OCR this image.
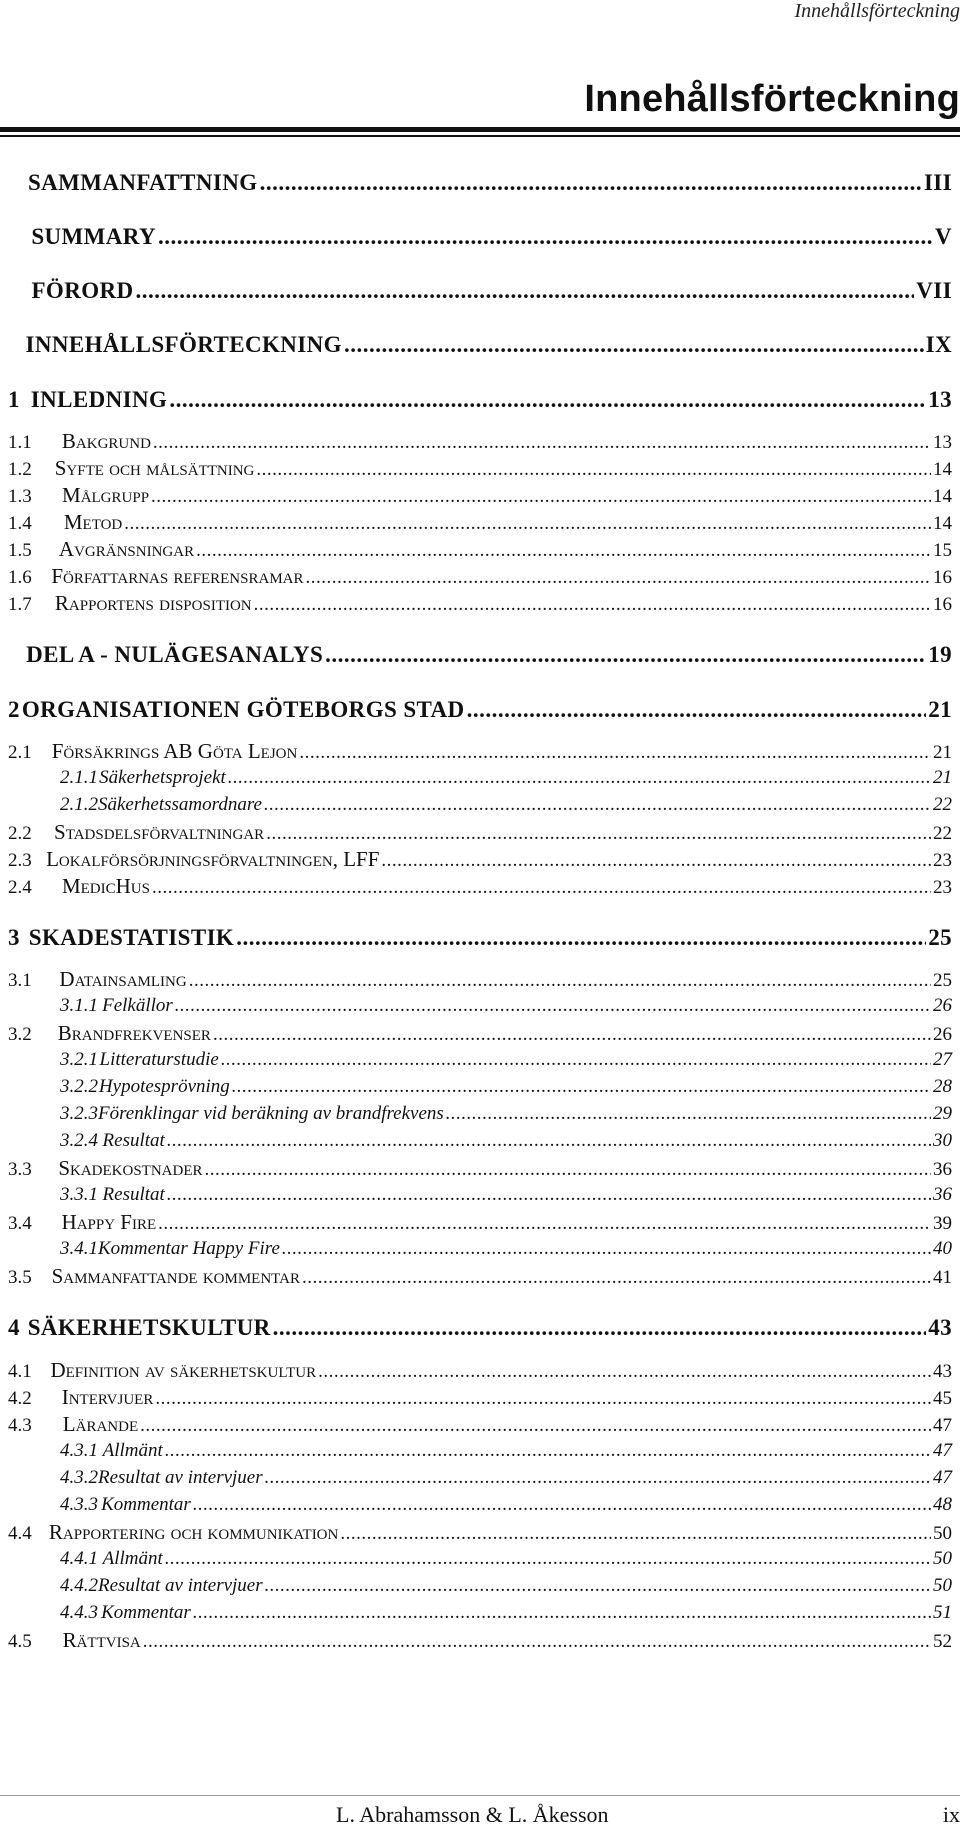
Innehållsförteckning
Innehållsförteckning
SAMMANFATTNING .....	III
SUMMARY .....	V
FÖRORD .....	VII
INNEHÅLLSFÖRTECKNING .....	IX
1 INLEDNING .....	13
1.1	Bakgrund .....	13
1.2	Syfte och målsättning .....	14
1.3	Målgrupp .....	14
1.4	Metod .....	14
1.5	Avgränsningar .....	15
1.6 Författarnas referensramar .....	16
1.7	Rapportens disposition .....	16
DEL A - NULÄGESANALYS .....	19
2 ORGANISATIONEN GÖTEBORGS STAD .....	21
2.1 Försäkrings AB Göta Lejon .....	21
2.1.1 Säkerhetsprojekt .....	21
2.1.2 Säkerhetssamordnare .....	22
2.2	Stadsdelsförvaltningar .....	22
2.3 Lokalförsörjningsförvaltningen, LFF .....	23
2.4	MedicHus .....	23
3 SKADESTATISTIK .....	25
3.1	Datainsamling .....	25
3.1.1 Felkällor .....	26
3.2	Brandfrekvenser .....	26
3.2.1 Litteraturstudie .....	27
3.2.2 Hypotesprövning .....	28
3.2.3 Förenklingar vid beräkning av brandfrekvens .....	29
3.2.4 Resultat .....	30
3.3	Skadekostnader .....	36
3.3.1 Resultat .....	36
3.4	Happy Fire .....	39
3.4.1 Kommentar Happy Fire .....	40
3.5 Sammanfattande kommentar .....	41
4 SÄKERHETSKULTUR .....	43
4.1 Definition av säkerhetskultur .....	43
4.2	Intervjuer .....	45
4.3	Lärande .....	47
4.3.1 Allmänt .....	47
4.3.2 Resultat av intervjuer .....	47
4.3.3 Kommentar .....	48
4.4 Rapportering och kommunikation .....	50
4.4.1 Allmänt .....	50
4.4.2 Resultat av intervjuer .....	50
4.4.3 Kommentar .....	51
4.5	Rättvisa .....	52
L. Abrahamsson & L. Åkesson	ix
